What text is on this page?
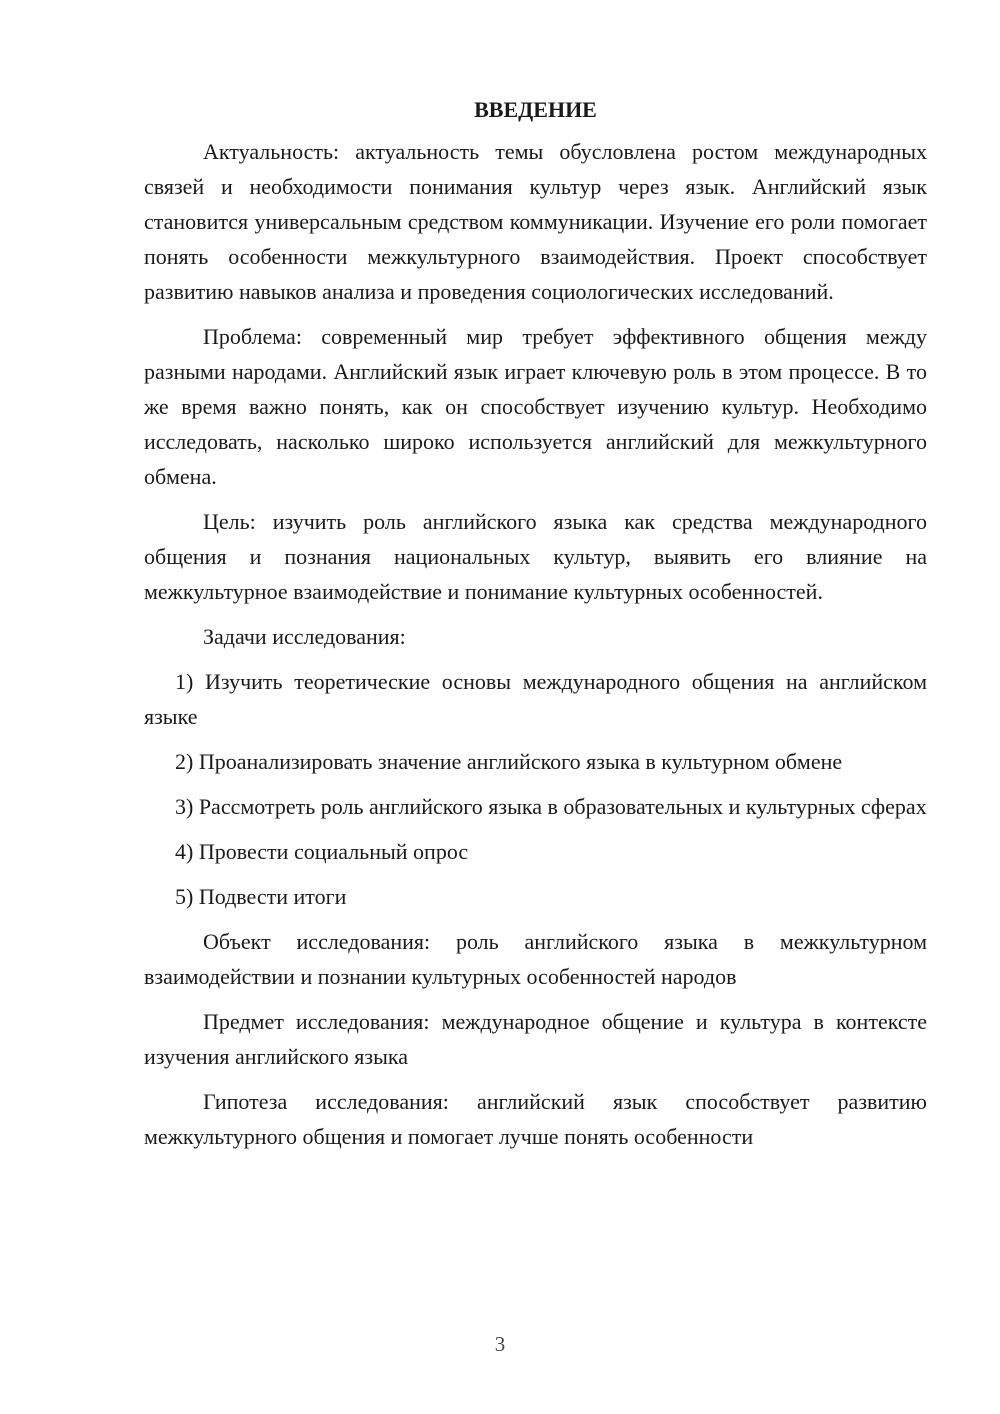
ВВЕДЕНИЕ

Актуальность: актуальность темы обусловлена ростом международных связей и необходимости понимания культур через язык. Английский язык становится универсальным средством коммуникации. Изучение его роли помогает понять особенности межкультурного взаимодействия. Проект способствует развитию навыков анализа и проведения социологических исследований.

Проблема: современный мир требует эффективного общения между разными народами. Английский язык играет ключевую роль в этом процессе. В то же время важно понять, как он способствует изучению культур. Необходимо исследовать, насколько широко используется английский для межкультурного обмена.

Цель: изучить роль английского языка как средства международного общения и познания национальных культур, выявить его влияние на межкультурное взаимодействие и понимание культурных особенностей.

Задачи исследования:

1) Изучить теоретические основы международного общения на английском языке

2) Проанализировать значение английского языка в культурном обмене

3) Рассмотреть роль английского языка в образовательных и культурных сферах

4) Провести социальный опрос

5) Подвести итоги

Объект исследования: роль английского языка в межкультурном взаимодействии и познании культурных особенностей народов

Предмет исследования: международное общение и культура в контексте изучения английского языка

Гипотеза исследования: английский язык способствует развитию межкультурного общения и помогает лучше понять особенности

3
